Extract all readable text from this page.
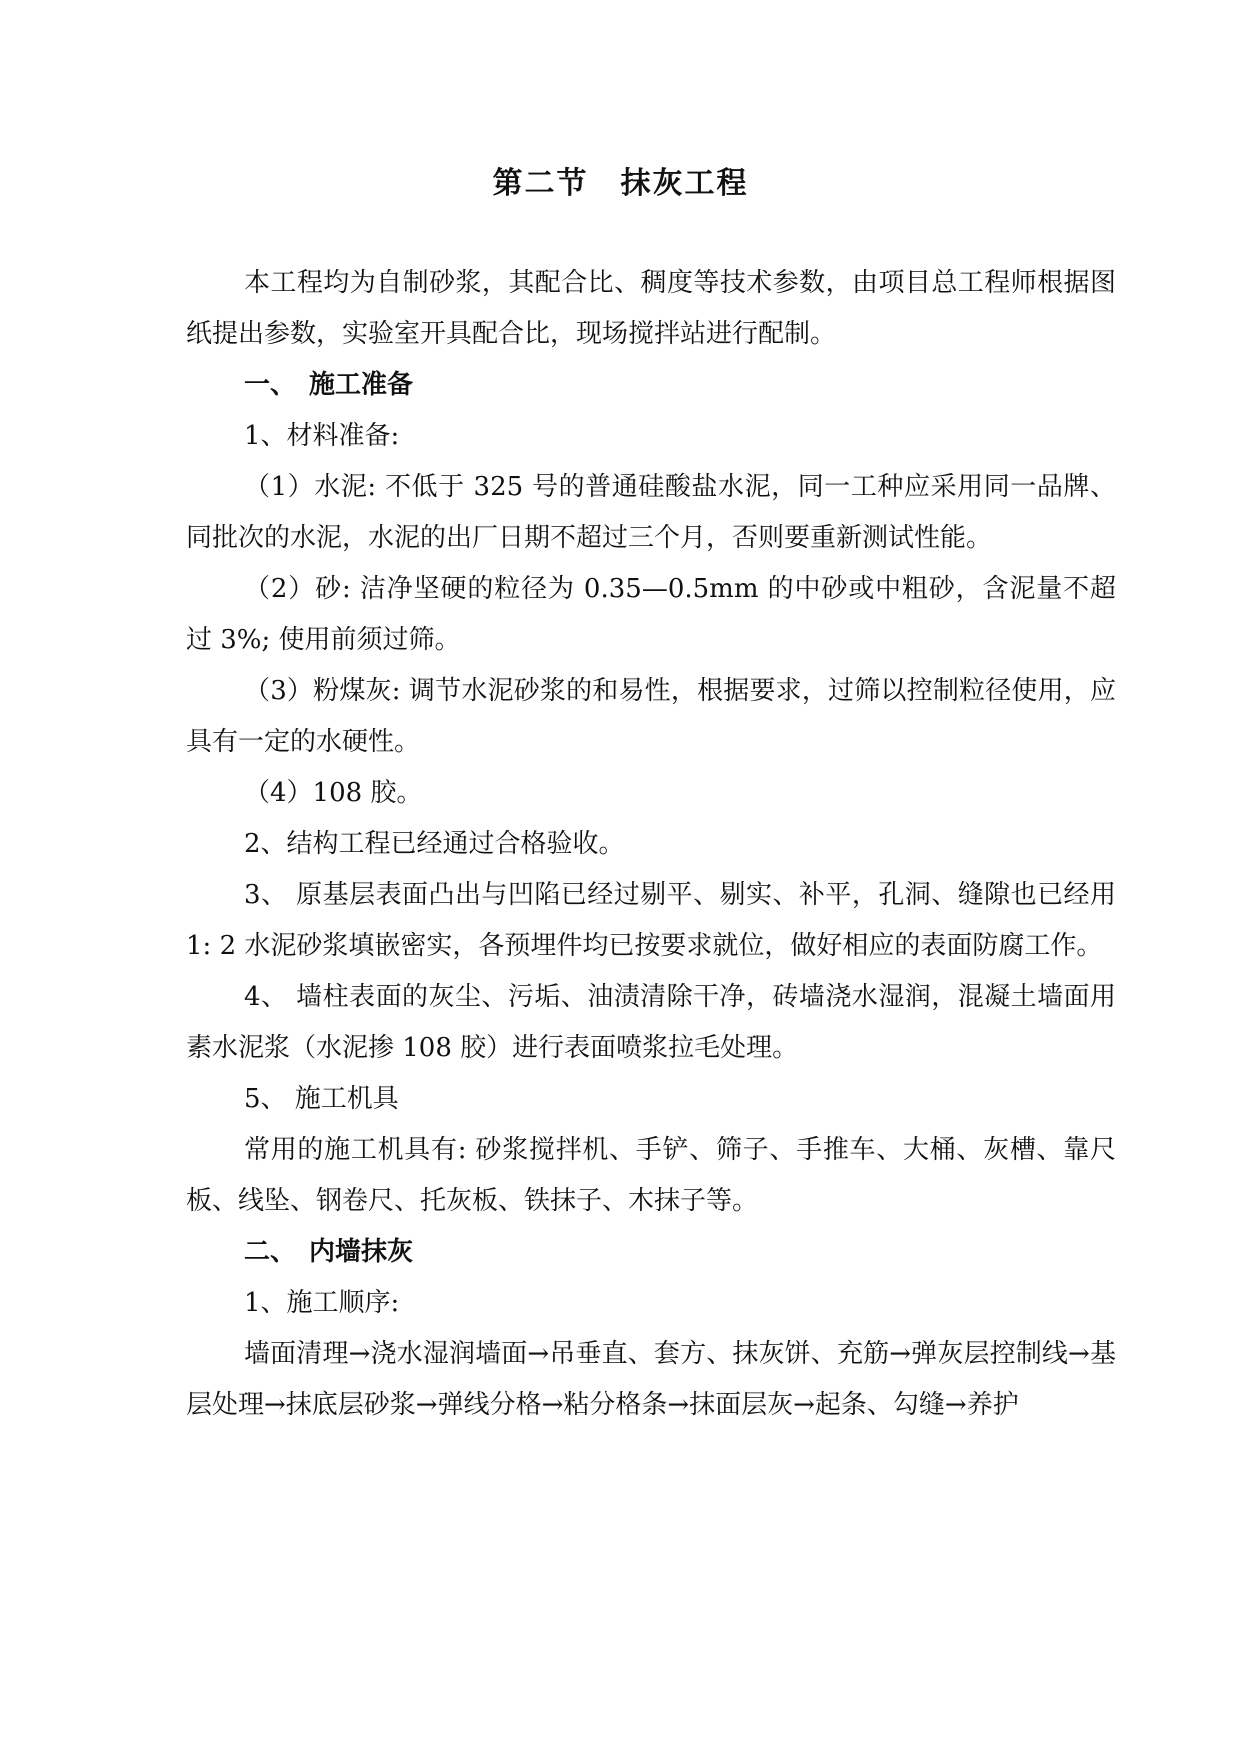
第二节　抹灰工程

本工程均为自制砂浆，其配合比、稠度等技术参数，由项目总工程师根据图纸提出参数，实验室开具配合比，现场搅拌站进行配制。

一、　施工准备

1、材料准备:

（1）水泥: 不低于 325 号的普通硅酸盐水泥，同一工种应采用同一品牌、同批次的水泥，水泥的出厂日期不超过三个月，否则要重新测试性能。

（2）砂: 洁净坚硬的粒径为 0.35—0.5mm 的中砂或中粗砂，含泥量不超过 3%; 使用前须过筛。

（3）粉煤灰: 调节水泥砂浆的和易性，根据要求，过筛以控制粒径使用，应具有一定的水硬性。

（4）108 胶。

2、结构工程已经通过合格验收。

3、 原基层表面凸出与凹陷已经过剔平、剔实、补平，孔洞、缝隙也已经用 1: 2 水泥砂浆填嵌密实，各预埋件均已按要求就位，做好相应的表面防腐工作。

4、 墙柱表面的灰尘、污垢、油渍清除干净，砖墙浇水湿润，混凝土墙面用素水泥浆（水泥掺 108 胶）进行表面喷浆拉毛处理。

5、 施工机具

常用的施工机具有: 砂浆搅拌机、手铲、筛子、手推车、大桶、灰槽、靠尺板、线坠、钢卷尺、托灰板、铁抹子、木抹子等。

二、　内墙抹灰

1、施工顺序:

墙面清理→浇水湿润墙面→吊垂直、套方、抹灰饼、充筋→弹灰层控制线→基层处理→抹底层砂浆→弹线分格→粘分格条→抹面层灰→起条、勾缝→养护
